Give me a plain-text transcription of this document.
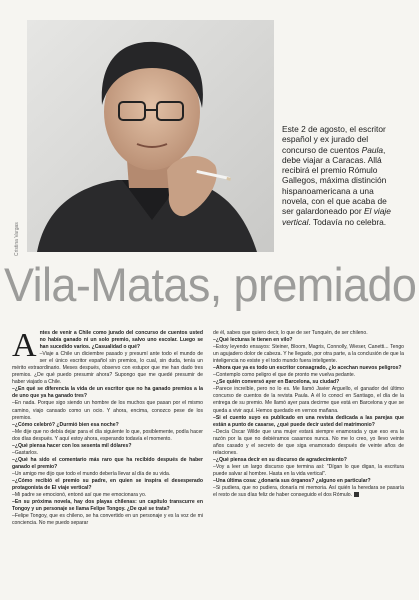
Cristina Vargas
Este 2 de agosto, el escritor español y ex jurado del concurso de cuentos Paula, debe viajar a Caracas. Allá recibirá el premio Rómulo Gallegos, máxima distinción hispanoamericana a una novela, con el que acaba de ser galardoneado por El viaje vertical. Todavía no celebra.
Vila-Matas, premiado

Antes de venir a Chile como jurado del concurso de cuentos usted no había ganado ni un solo premio, salvo uno escolar. Luego se han sucedido varios. ¿Casualidad o qué?

–Viaje a Chile un diciembre pasado y presumí ante todo el mundo de ser el único escritor español sin premios, lo cual, sin duda, tenía un mérito extraordinario. Meses después, observo con estupor que me han dado tres premios. ¿De qué puedo presumir ahora? Supongo que me quedé presumir de haber viajado a Chile.

–¿En qué se diferencia la vida de un escritor que no ha ganado premios a la de uno que ya ha ganado tres?

–En nada. Porque sigo siendo un hombre de los muchos que pasan por el mismo camino, viajo cansado como un ocio. Y ahora, encima, conozco pese de los premios.

–¿Cómo celebró? ¿Durmió bien esa noche?

–Me dije que no debía dejar para el día siguiente lo que, posiblemente, podía hacer dos días después. Y aquí estoy ahora, esperando todavía el momento.

–¿Qué piensa hacer con los sesenta mil dólares?

–Gastarlos.

–¿Qué ha sido el comentario más raro que ha recibido después de haber ganado el premio?

–Un amigo me dijo que todo el mundo debería llevar al día de su vida.

–¿Cómo recibió el premio su padre, en quien se inspira el desesperado protagonista de El viaje vertical?

–Mi padre se emocionó, entonó así que me emocionara yo.

–En su próxima novela, hay dos playas chilenas: un capítulo transcurre en Tongoy y un personaje se llama Felipe Tongoy. ¿De qué se trata?

–Felipe Tongoy, que es chileno, se ha convertido en un personaje y es la voz de mi conciencia. No me puedo separar

de él, sabes que quiero decir, lo que de ser Tunquén, de ser chileno.

–¿Qué lecturas le tienen en vilo?

–Estoy leyendo ensayos: Steiner, Bloom, Magris, Connolly, Wieser, Canetti... Tengo un agujadero dolor de cabeza. Y he llegado, por otra parte, a la conclusión de que la inteligencia no existe y el todo mundo fuera inteligente.

–Ahora que ya es todo un escritor consagrado, ¿lo acechan nuevos peligros?

–Contemplo como peligro el que de pronto me vuelva pedante.

–¿Se quién conversó ayer en Barcelona, su ciudad?

–Parece increíble, pero no lo es. Me llamó Javier Arguello, el ganador del último concurso de cuentos de la revista Paula. A él lo conocí en Santiago, el día de la entrega de su premio. Me llamó ayer para decirme que está en Barcelona y que se queda a vivir aquí. Hemos quedado en vernos mañana.

–Si el cuento suyo es publicado en una revista dedicada a las parejas que están a punto de casarse, ¿qué puede decir usted del matrimonio?

–Decía Oscar Wilde que una mujer estará siempre enamorada y que eso era la razón por la que no debiéramos casarnos nunca. No me lo creo, yo llevo veinte años casado y el secreto de que siga enamorado después de veinte años de relaciones.

–¿Qué piensa decir en su discurso de agradecimiento?

–Voy a leer un largo discurso que termina así: "Dígan lo que digan, la escritura puede salvar al hombre. Hasta en la vida vertical".

–Una última cosa: ¿donaría sus órganos? ¿alguno en particular?

–Si pudiera, que no pudiera, donaría mi memoria. Así quién la heredara se pasaría el resto de sus días feliz de haber conseguido el dos Rómulo.
